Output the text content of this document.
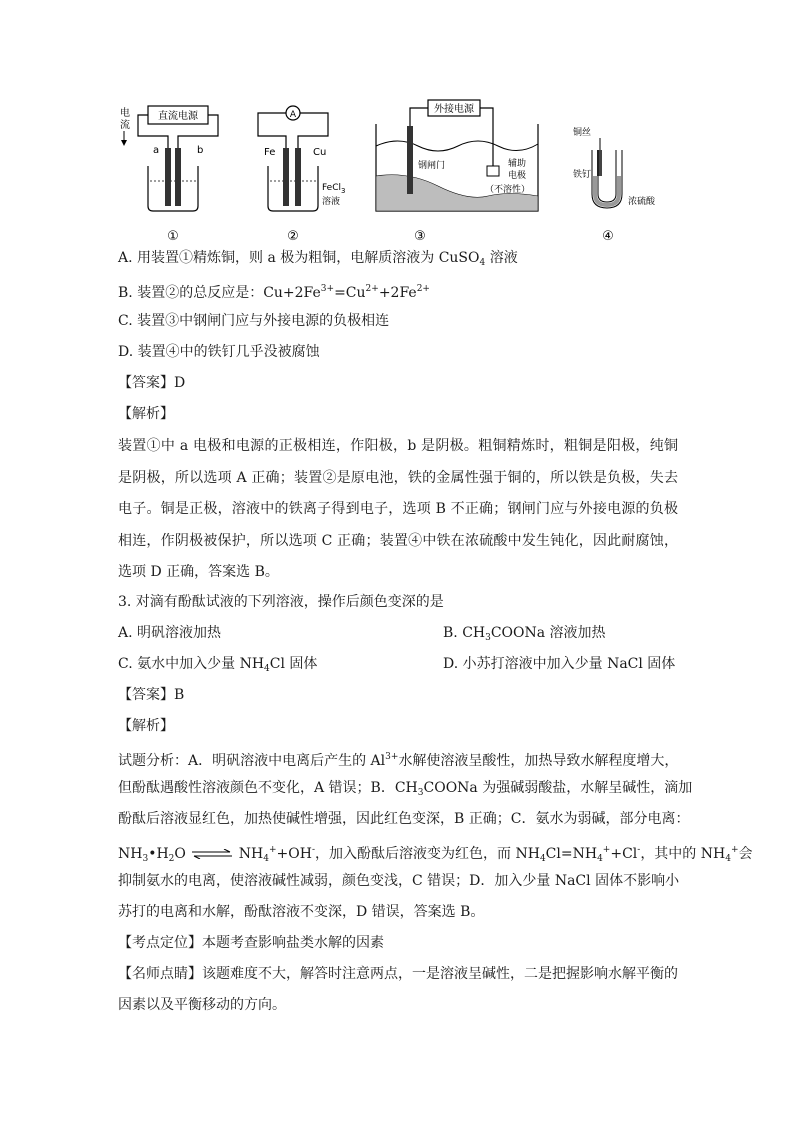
电
流
直流电源
a	b
①
A
Fe	Cu
FeCl$_3$
溶液
②
外接电源
钢闸门	辅助
电极
（不溶性）
③
铜丝
铁钉
浓硫酸
④
A. 用装置①精炼铜，则 a 极为粗铜，电解质溶液为 CuSO$_4$ 溶液
B. 装置②的总反应是：$Cu+2Fe^{3+}=Cu^{2+}+2Fe^{2+}$
C. 装置③中钢闸门应与外接电源的负极相连
D. 装置④中的铁钉几乎没被腐蚀
【答案】D
【解析】
装置①中 a 电极和电源的正极相连，作阳极，b 是阴极。粗铜精炼时，粗铜是阳极，纯铜是阴极，所以选项 A 正确；装置②是原电池，铁的金属性强于铜的，所以铁是负极，失去电子。铜是正极，溶液中的铁离子得到电子，选项 B 不正确；钢闸门应与外接电源的负极相连，作阴极被保护，所以选项 C 正确；装置④中铁在浓硫酸中发生钝化，因此耐腐蚀，选项 D 正确，答案选 B。
3. 对滴有酚酞试液的下列溶液，操作后颜色变深的是
A. 明矾溶液加热	B. $CH_3COONa$ 溶液加热
C. 氨水中加入少量 $NH_4Cl$ 固体	D. 小苏打溶液中加入少量 NaCl 固体
【答案】B
【解析】
试题分析：A．明矾溶液中电离后产生的 $Al^{3+}$水解使溶液呈酸性，加热导致水解程度增大，
但酚酞遇酸性溶液颜色不变化，A 错误；B．$CH_3COONa$ 为强碱弱酸盐，水解呈碱性，滴加
酚酞后溶液显红色，加热使碱性增强，因此红色变深，B 正确；C．氨水为弱碱，部分电离：
$NH_3•H_2O$ ⇌ $NH_4^++OH^-$，加入酚酞后溶液变为红色，而 $NH_4Cl=NH_4^++Cl^-$，其中的 $NH_4^+$会
抑制氨水的电离，使溶液碱性减弱，颜色变浅，C 错误；D．加入少量 NaCl 固体不影响小
苏打的电离和水解，酚酞溶液不变深，D 错误，答案选 B。
【考点定位】本题考查影响盐类水解的因素
【名师点睛】该题难度不大，解答时注意两点，一是溶液呈碱性，二是把握影响水解平衡的
因素以及平衡移动的方向。
